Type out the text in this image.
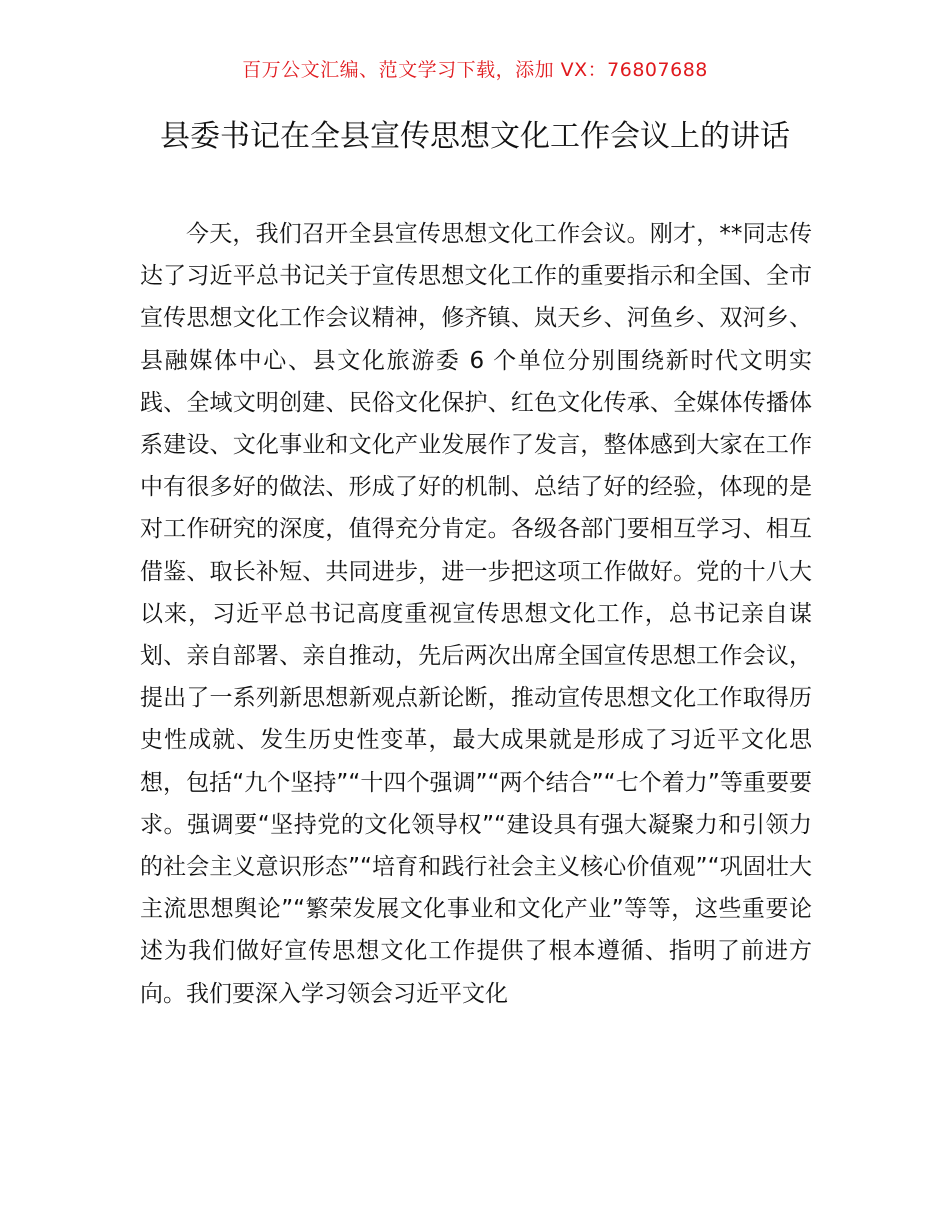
百万公文汇编、范文学习下载，添加 VX：76807688
县委书记在全县宣传思想文化工作会议上的讲话

今天，我们召开全县宣传思想文化工作会议。刚才，**同志传达了习近平总书记关于宣传思想文化工作的重要指示和全国、全市宣传思想文化工作会议精神，修齐镇、岚天乡、河鱼乡、双河乡、县融媒体中心、县文化旅游委 6 个单位分别围绕新时代文明实践、全域文明创建、民俗文化保护、红色文化传承、全媒体传播体系建设、文化事业和文化产业发展作了发言，整体感到大家在工作中有很多好的做法、形成了好的机制、总结了好的经验，体现的是对工作研究的深度，值得充分肯定。各级各部门要相互学习、相互借鉴、取长补短、共同进步，进一步把这项工作做好。党的十八大以来，习近平总书记高度重视宣传思想文化工作，总书记亲自谋划、亲自部署、亲自推动，先后两次出席全国宣传思想工作会议，提出了一系列新思想新观点新论断，推动宣传思想文化工作取得历史性成就、发生历史性变革，最大成果就是形成了习近平文化思想，包括“九个坚持”“十四个强调”“两个结合”“七个着力”等重要要求。强调要“坚持党的文化领导权”“建设具有强大凝聚力和引领力的社会主义意识形态”“培育和践行社会主义核心价值观”“巩固壮大主流思想舆论”“繁荣发展文化事业和文化产业”等等，这些重要论述为我们做好宣传思想文化工作提供了根本遵循、指明了前进方向。我们要深入学习领会习近平文化
